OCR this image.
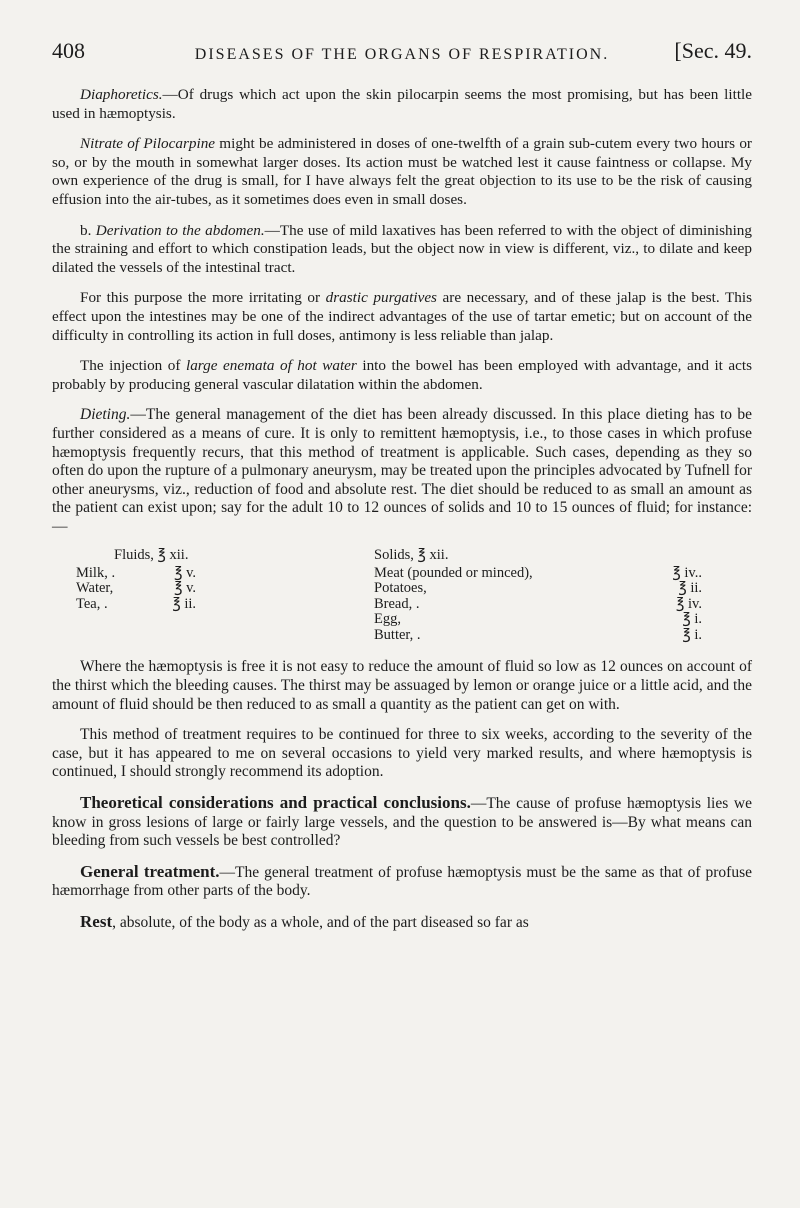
408	DISEASES OF THE ORGANS OF RESPIRATION.	[Sec. 49.

Diaphoretics.—Of drugs which act upon the skin pilocarpin seems the most promising, but has been little used in hæmoptysis.

Nitrate of Pilocarpine might be administered in doses of one-twelfth of a grain sub-cutem every two hours or so, or by the mouth in somewhat larger doses. Its action must be watched lest it cause faintness or collapse. My own experience of the drug is small, for I have always felt the great objection to its use to be the risk of causing effusion into the air-tubes, as it sometimes does even in small doses.

b. Derivation to the abdomen.—The use of mild laxatives has been referred to with the object of diminishing the straining and effort to which constipation leads, but the object now in view is different, viz., to dilate and keep dilated the vessels of the intestinal tract.

For this purpose the more irritating or drastic purgatives are necessary, and of these jalap is the best. This effect upon the intestines may be one of the indirect advantages of the use of tartar emetic; but on account of the difficulty in controlling its action in full doses, antimony is less reliable than jalap.

The injection of large enemata of hot water into the bowel has been employed with advantage, and it acts probably by producing general vascular dilatation within the abdomen.

Dieting.—The general management of the diet has been already discussed. In this place dieting has to be further considered as a means of cure. It is only to remittent hæmoptysis, i.e., to those cases in which profuse hæmoptysis frequently recurs, that this method of treatment is applicable. Such cases, depending as they so often do upon the rupture of a pulmonary aneurysm, may be treated upon the principles advocated by Tufnell for other aneurysms, viz., reduction of food and absolute rest. The diet should be reduced to as small an amount as the patient can exist upon; say for the adult 10 to 12 ounces of solids and 10 to 15 ounces of fluid; for instance:—

Fluids, ℥ xii.
Milk, .	℥ v.
Water,	℥ v.
Tea, .	℥ ii.
Solids, ℥ xii.
Meat (pounded or minced),	℥ iv..
Potatoes,	℥ ii.
Bread, .	℥ iv.
Egg,	℥ i.
Butter, .	℥ i.

Where the hæmoptysis is free it is not easy to reduce the amount of fluid so low as 12 ounces on account of the thirst which the bleeding causes. The thirst may be assuaged by lemon or orange juice or a little acid, and the amount of fluid should be then reduced to as small a quantity as the patient can get on with.

This method of treatment requires to be continued for three to six weeks, according to the severity of the case, but it has appeared to me on several occasions to yield very marked results, and where hæmoptysis is continued, I should strongly recommend its adoption.

Theoretical considerations and practical conclusions.—The cause of profuse hæmoptysis lies we know in gross lesions of large or fairly large vessels, and the question to be answered is—By what means can bleeding from such vessels be best controlled?

General treatment.—The general treatment of profuse hæmoptysis must be the same as that of profuse hæmorrhage from other parts of the body.

Rest, absolute, of the body as a whole, and of the part diseased so far as
